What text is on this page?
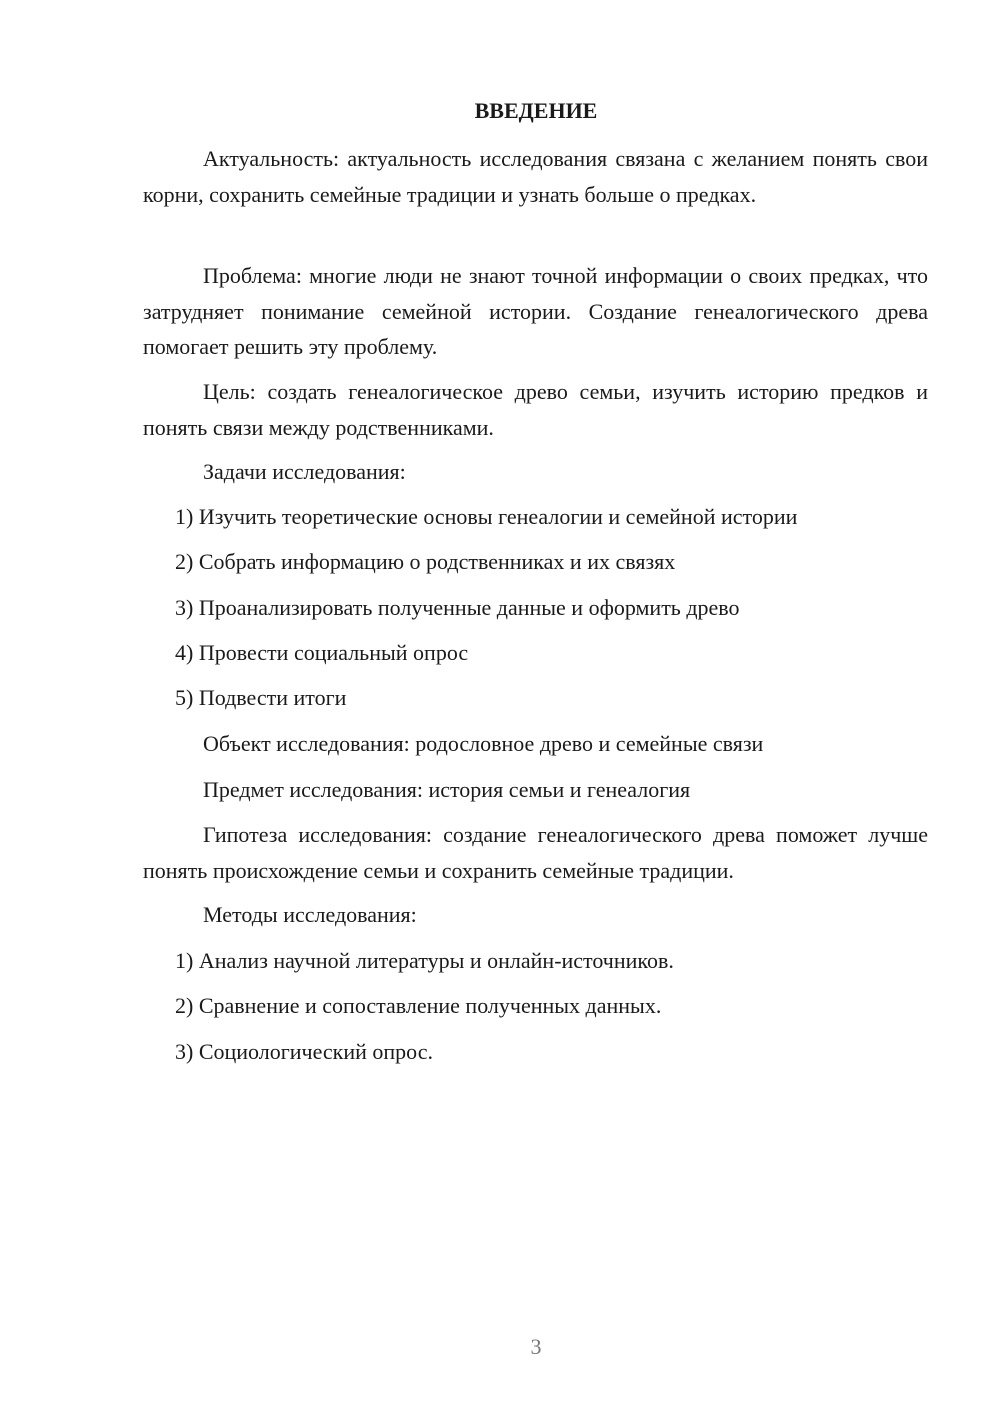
ВВЕДЕНИЕ

Актуальность: актуальность исследования связана с желанием понять свои корни, сохранить семейные традиции и узнать больше о предках.

Проблема: многие люди не знают точной информации о своих предках, что затрудняет понимание семейной истории. Создание генеалогического древа помогает решить эту проблему.

Цель: создать генеалогическое древо семьи, изучить историю предков и понять связи между родственниками.

Задачи исследования:

1) Изучить теоретические основы генеалогии и семейной истории

2) Собрать информацию о родственниках и их связях

3) Проанализировать полученные данные и оформить древо

4) Провести социальный опрос

5) Подвести итоги

Объект исследования: родословное древо и семейные связи

Предмет исследования: история семьи и генеалогия

Гипотеза исследования: создание генеалогического древа поможет лучше понять происхождение семьи и сохранить семейные традиции.

Методы исследования:

1) Анализ научной литературы и онлайн-источников.

2) Сравнение и сопоставление полученных данных.

3) Социологический опрос.

3
